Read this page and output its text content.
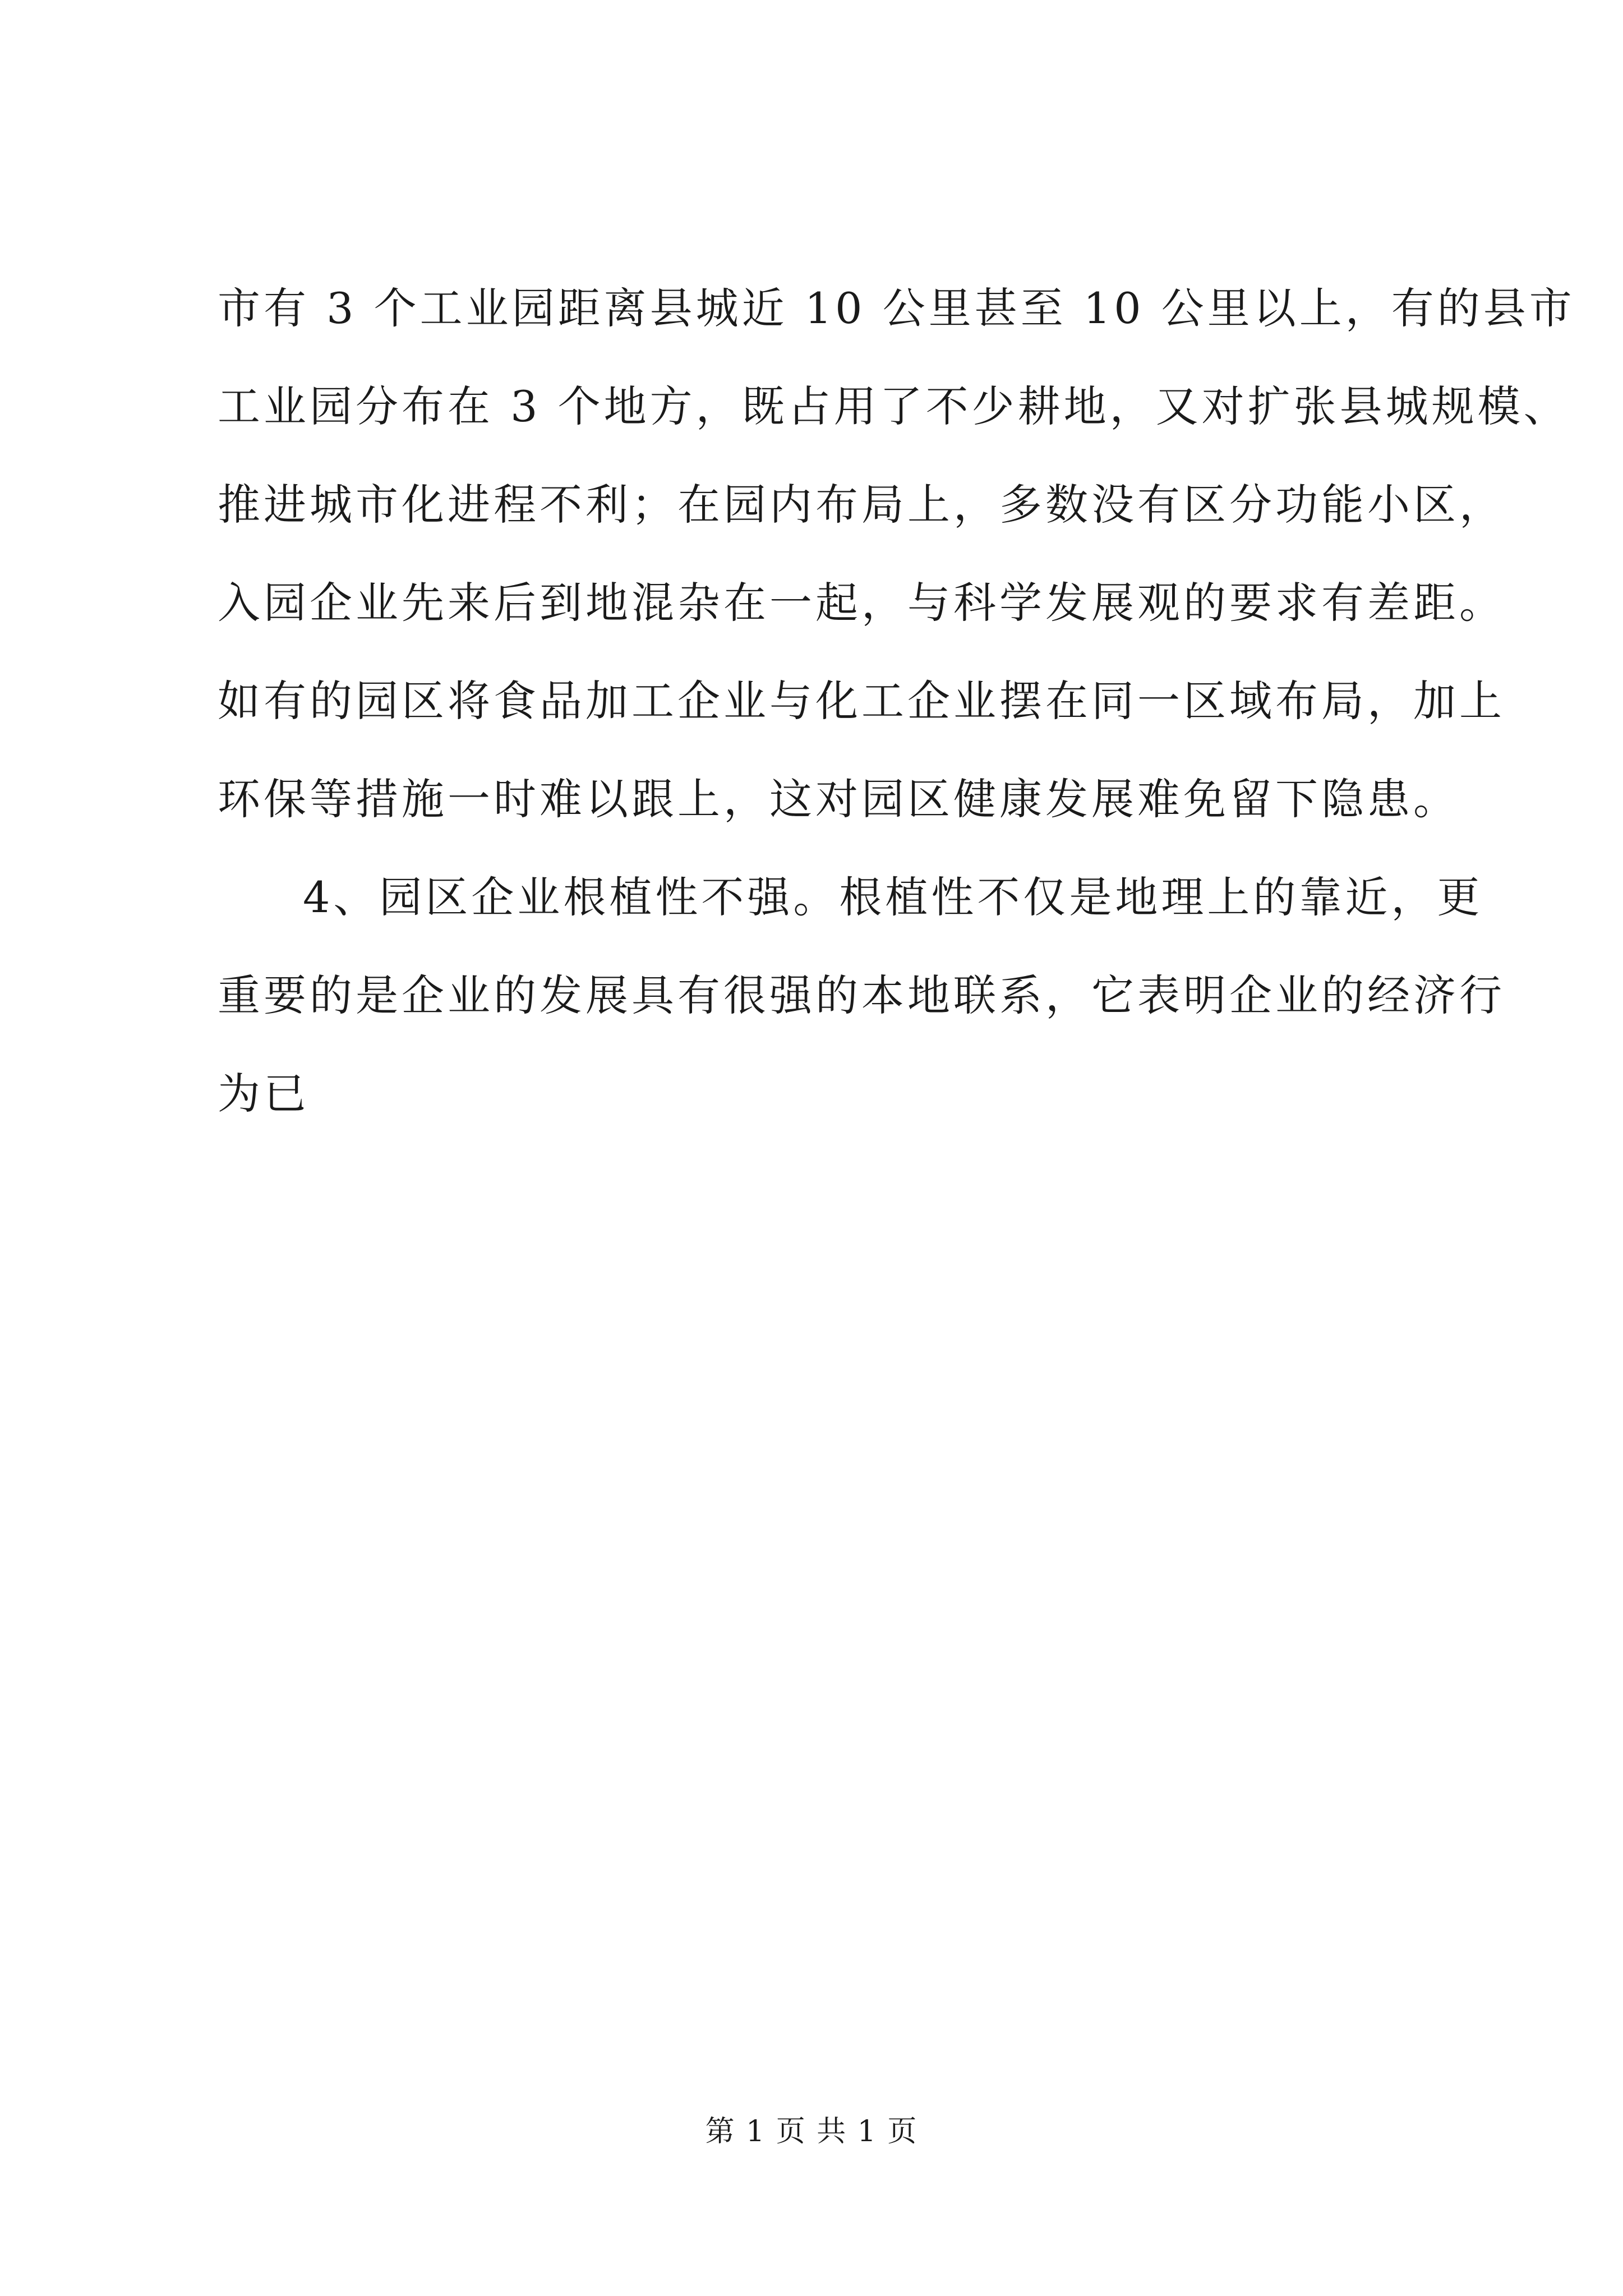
市有 3 个工业园距离县城近 10 公里甚至 10 公里以上，有的县市
工业园分布在 3 个地方，既占用了不少耕地，又对扩张县城规模、
推进城市化进程不利；在园内布局上，多数没有区分功能小区，
入园企业先来后到地混杂在一起，与科学发展观的要求有差距。
如有的园区将食品加工企业与化工企业摆在同一区域布局，加上
环保等措施一时难以跟上，这对园区健康发展难免留下隐患。
4、园区企业根植性不强。根植性不仅是地理上的靠近，更
重要的是企业的发展具有很强的本地联系，它表明企业的经济行
为已
第 1 页 共 1 页
